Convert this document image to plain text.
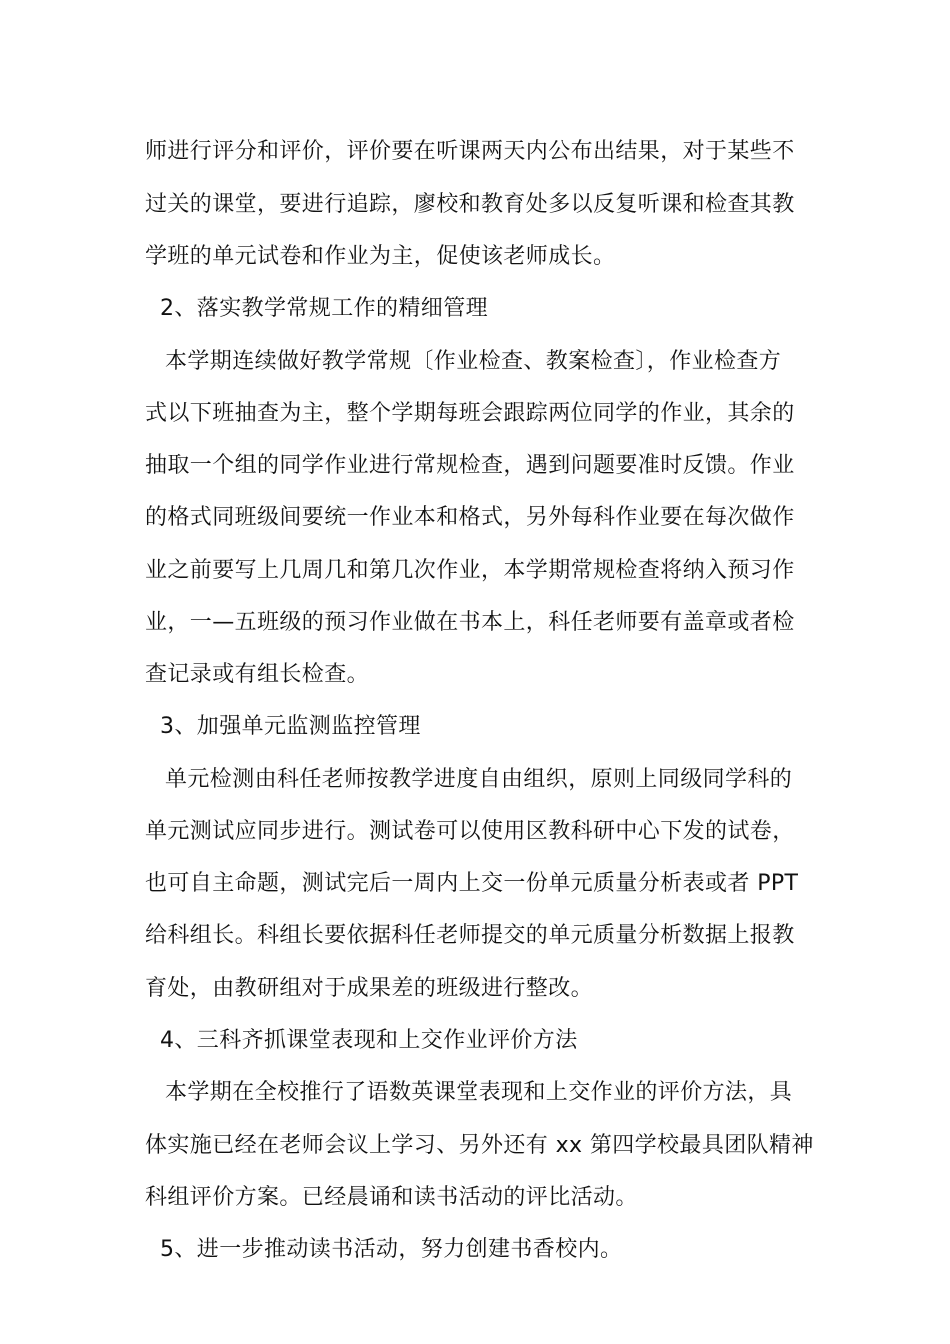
师进行评分和评价，评价要在听课两天内公布出结果，对于某些不
过关的课堂，要进行追踪，廖校和教育处多以反复听课和检查其教
学班的单元试卷和作业为主，促使该老师成长。
2、落实教学常规工作的精细管理
本学期连续做好教学常规〔作业检查、教案检查〕，作业检查方
式以下班抽查为主，整个学期每班会跟踪两位同学的作业，其余的
抽取一个组的同学作业进行常规检查，遇到问题要准时反馈。作业
的格式同班级间要统一作业本和格式，另外每科作业要在每次做作
业之前要写上几周几和第几次作业，本学期常规检查将纳入预习作
业，一—五班级的预习作业做在书本上，科任老师要有盖章或者检
查记录或有组长检查。
3、加强单元监测监控管理
单元检测由科任老师按教学进度自由组织，原则上同级同学科的
单元测试应同步进行。测试卷可以使用区教科研中心下发的试卷，
也可自主命题，测试完后一周内上交一份单元质量分析表或者 PPT
给科组长。科组长要依据科任老师提交的单元质量分析数据上报教
育处，由教研组对于成果差的班级进行整改。
4、三科齐抓课堂表现和上交作业评价方法
本学期在全校推行了语数英课堂表现和上交作业的评价方法，具
体实施已经在老师会议上学习、另外还有 xx 第四学校最具团队精神
科组评价方案。已经晨诵和读书活动的评比活动。
5、进一步推动读书活动，努力创建书香校内。
